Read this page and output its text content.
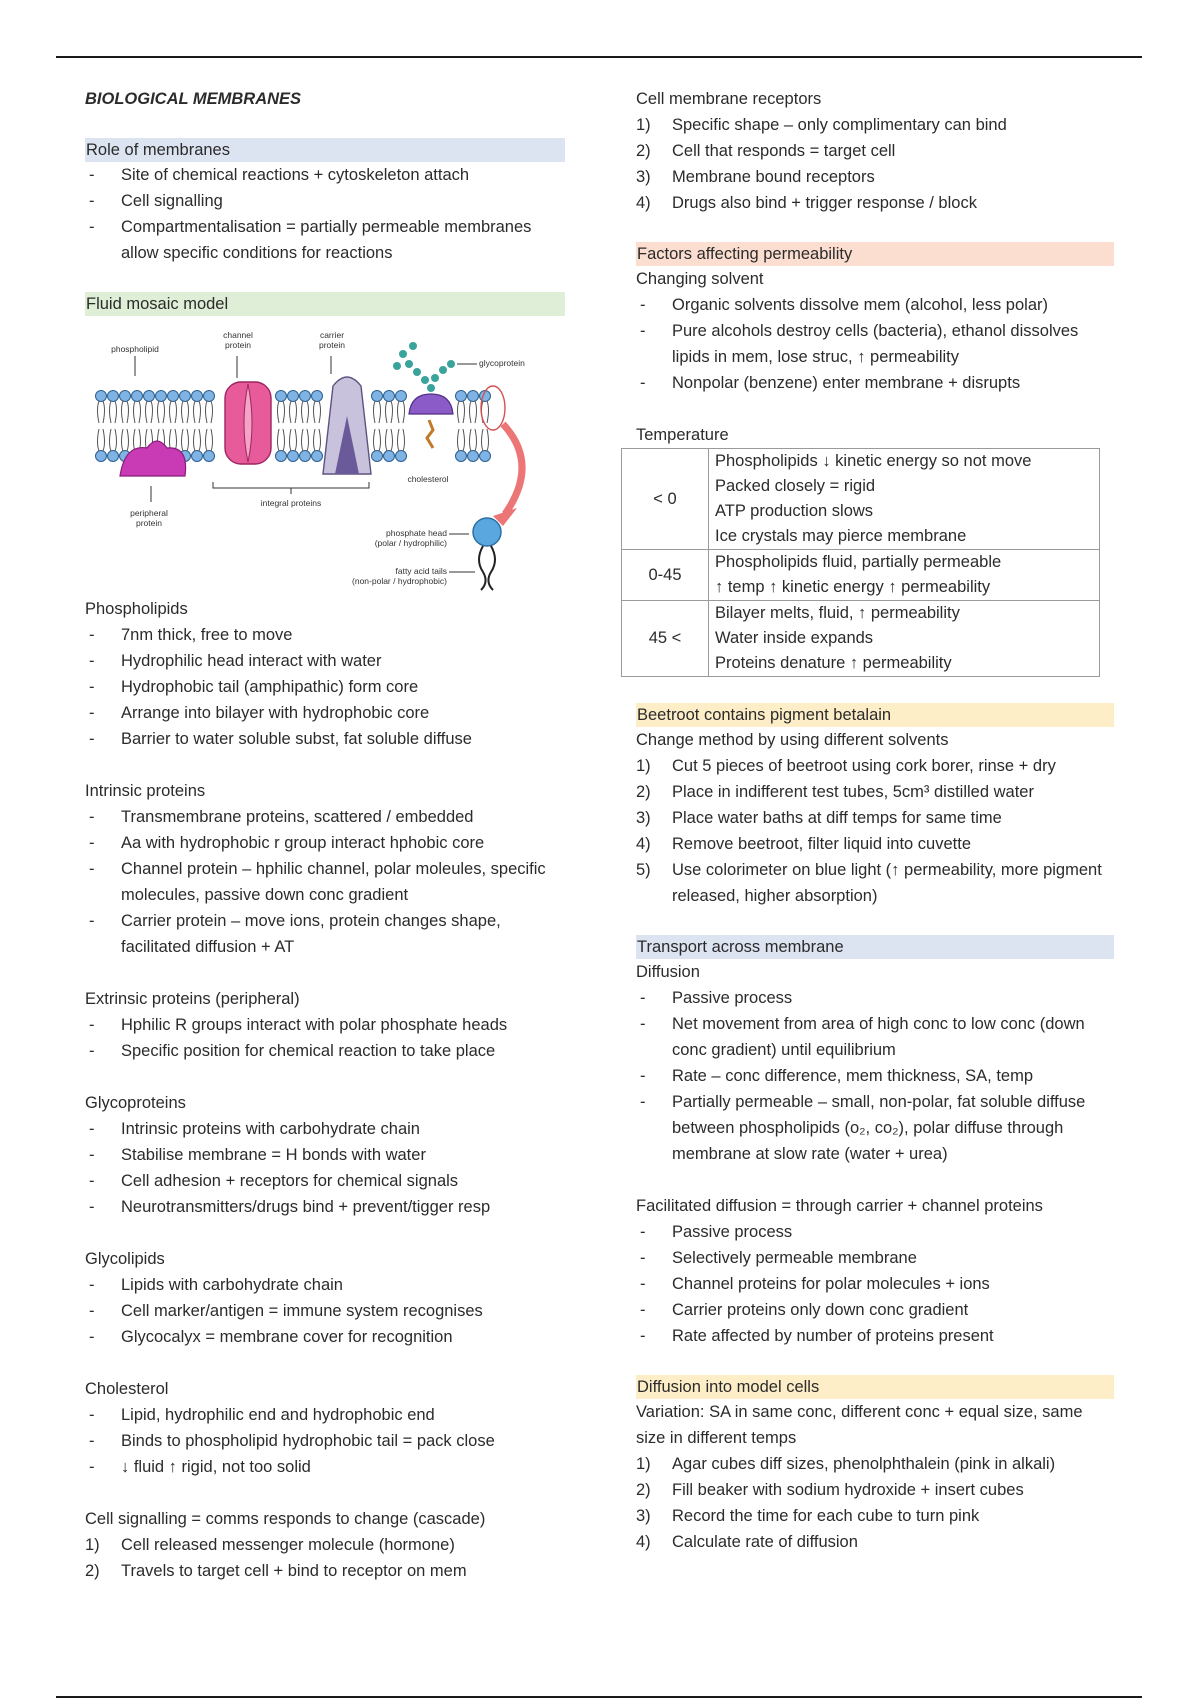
BIOLOGICAL MEMBRANES
Role of membranes
- Site of chemical reactions + cytoskeleton attach
- Cell signalling
- Compartmentalisation = partially permeable membranes allow specific conditions for reactions
Fluid mosaic model
phospholipid
channel protein
carrier protein
glycoprotein
cholesterol
peripheral protein
integral proteins
phosphate head
(polar / hydrophilic)
fatty acid tails
(non-polar / hydrophobic)
Phospholipids
- 7nm thick, free to move
- Hydrophilic head interact with water
- Hydrophobic tail (amphipathic) form core
- Arrange into bilayer with hydrophobic core
- Barrier to water soluble subst, fat soluble diffuse
Intrinsic proteins
- Transmembrane proteins, scattered / embedded
- Aa with hydrophobic r group interact hphobic core
- Channel protein – hphilic channel, polar moleules, specific molecules, passive down conc gradient
- Carrier protein – move ions, protein changes shape, facilitated diffusion + AT
Extrinsic proteins (peripheral)
- Hphilic R groups interact with polar phosphate heads
- Specific position for chemical reaction to take place
Glycoproteins
- Intrinsic proteins with carbohydrate chain
- Stabilise membrane = H bonds with water
- Cell adhesion + receptors for chemical signals
- Neurotransmitters/drugs bind + prevent/tigger resp
Glycolipids
- Lipids with carbohydrate chain
- Cell marker/antigen = immune system recognises
- Glycocalyx = membrane cover for recognition
Cholesterol
- Lipid, hydrophilic end and hydrophobic end
- Binds to phospholipid hydrophobic tail = pack close
- ↓ fluid ↑ rigid, not too solid
Cell signalling = comms responds to change (cascade)
1) Cell released messenger molecule (hormone)
2) Travels to target cell + bind to receptor on mem
Cell membrane receptors
1) Specific shape – only complimentary can bind
2) Cell that responds = target cell
3) Membrane bound receptors
4) Drugs also bind + trigger response / block
Factors affecting permeability
Changing solvent
- Organic solvents dissolve mem (alcohol, less polar)
- Pure alcohols destroy cells (bacteria), ethanol dissolves lipids in mem, lose struc, ↑ permeability
- Nonpolar (benzene) enter membrane + disrupts
Temperature
< 0	Phospholipids ↓ kinetic energy so not move
Packed closely = rigid
ATP production slows
Ice crystals may pierce membrane

0-45	Phospholipids fluid, partially permeable
↑ temp ↑ kinetic energy ↑ permeability

45 <	Bilayer melts, fluid, ↑ permeability
Water inside expands
Proteins denature ↑ permeability
Beetroot contains pigment betalain
Change method by using different solvents
1) Cut 5 pieces of beetroot using cork borer, rinse + dry
2) Place in indifferent test tubes, 5cm³ distilled water
3) Place water baths at diff temps for same time
4) Remove beetroot, filter liquid into cuvette
5) Use colorimeter on blue light (↑ permeability, more pigment released, higher absorption)
Transport across membrane
Diffusion
- Passive process
- Net movement from area of high conc to low conc (down conc gradient) until equilibrium
- Rate – conc difference, mem thickness, SA, temp
- Partially permeable – small, non-polar, fat soluble diffuse between phospholipids (o₂, co₂), polar diffuse through membrane at slow rate (water + urea)
Facilitated diffusion = through carrier + channel proteins
- Passive process
- Selectively permeable membrane
- Channel proteins for polar molecules + ions
- Carrier proteins only down conc gradient
- Rate affected by number of proteins present
Diffusion into model cells
Variation: SA in same conc, different conc + equal size, same size in different temps
1) Agar cubes diff sizes, phenolphthalein (pink in alkali)
2) Fill beaker with sodium hydroxide + insert cubes
3) Record the time for each cube to turn pink
4) Calculate rate of diffusion
